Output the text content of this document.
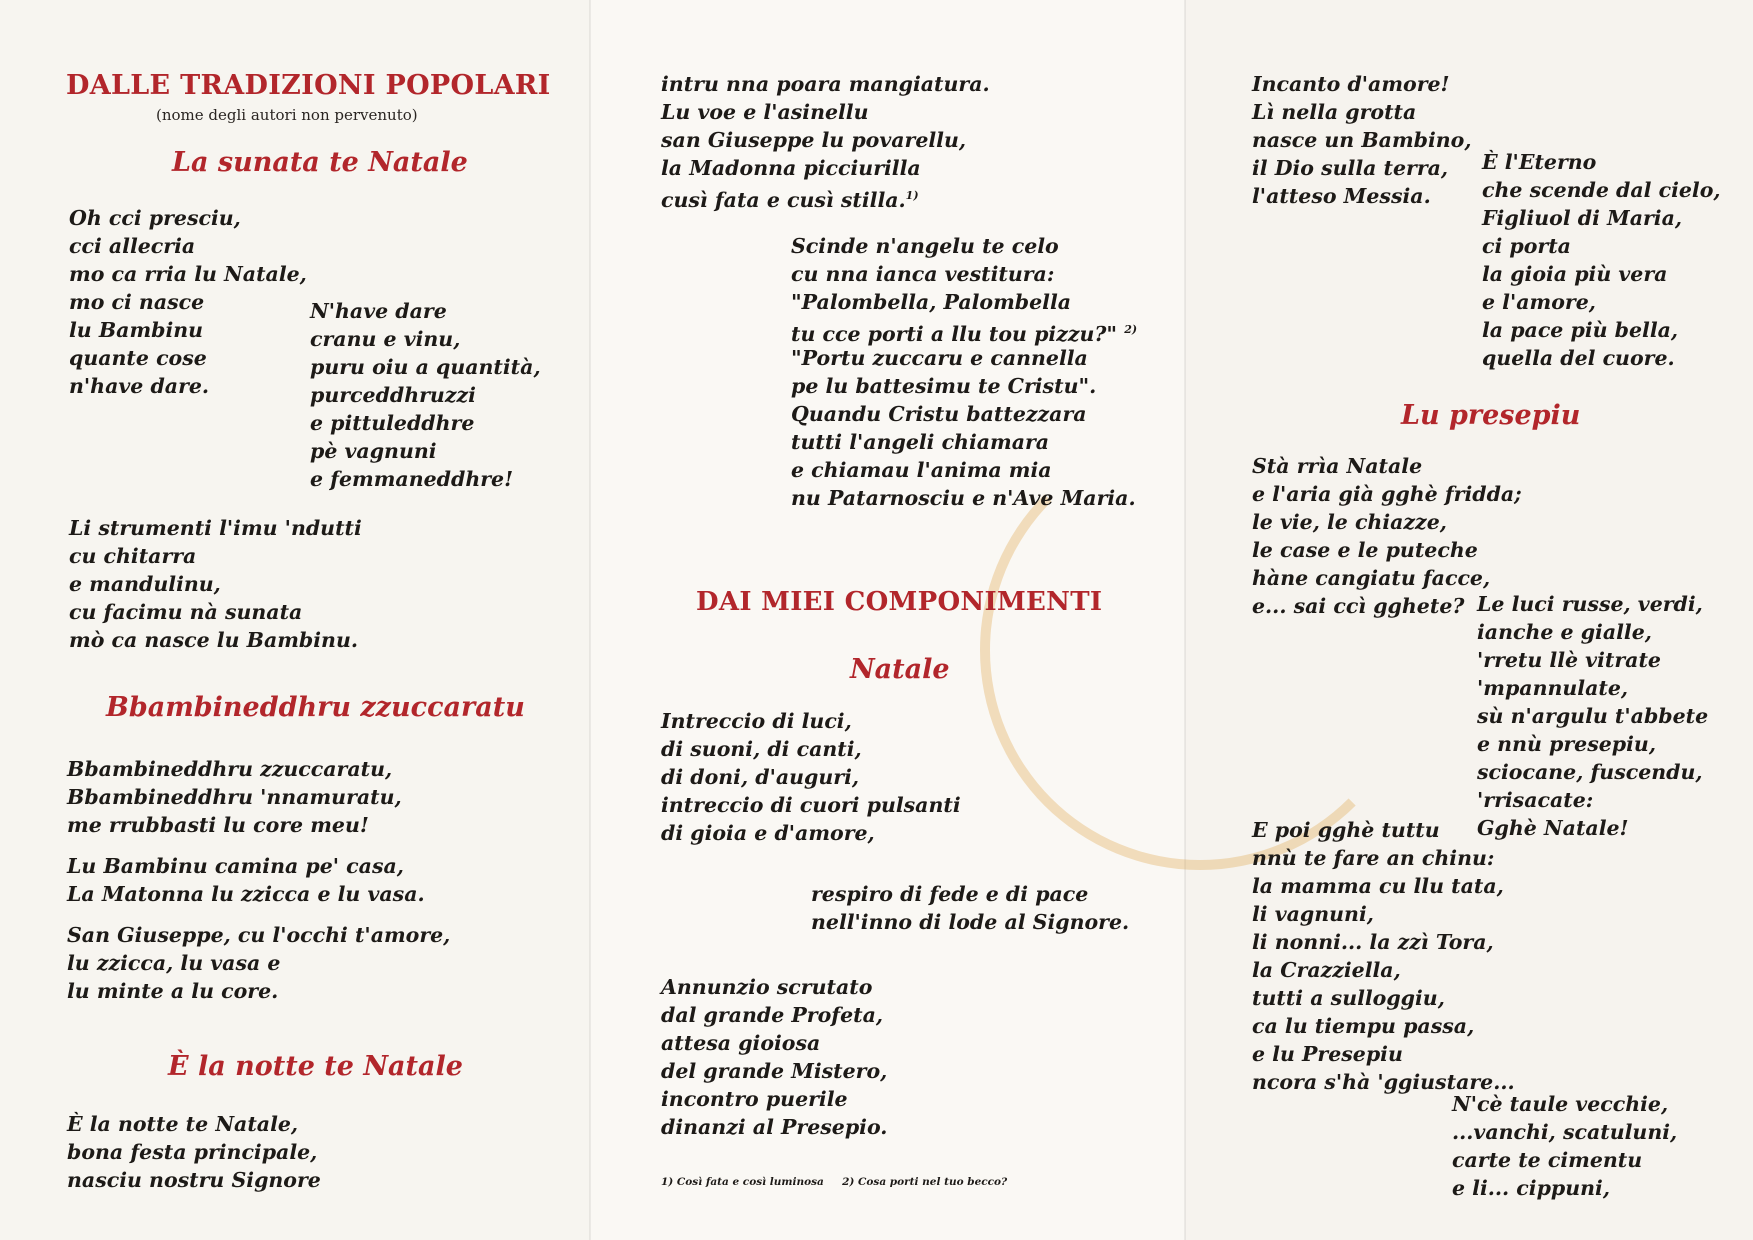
DALLE TRADIZIONI POPOLARI
(nome degli autori non pervenuto)
La sunata te Natale
Oh cci presciu,
cci allecria
mo ca rria lu Natale,
mo ci nasce
lu Bambinu
quante cose
n'have dare.
N'have dare
cranu e vinu,
puru oiu a quantità,
purceddhruzzi
e pittuleddhre
pè vagnuni
e femmaneddhre!
Li strumenti l'imu 'ndutti
cu chitarra
e mandulinu,
cu facimu nà sunata
mò ca nasce lu Bambinu.
Bbambineddhru zzuccaratu
Bbambineddhru zzuccaratu,
Bbambineddhru 'nnamuratu,
me rrubbasti lu core meu!
Lu Bambinu camina pe' casa,
La Matonna lu zzicca e lu vasa.
San Giuseppe, cu l'occhi t'amore,
lu zzicca, lu vasa e
lu minte a lu core.
È la notte te Natale
È la notte te Natale,
bona festa principale,
nasciu nostru Signore
intru nna poara mangiatura.
Lu voe e l'asinellu
san Giuseppe lu povarellu,
la Madonna picciurilla
cusì fata e cusì stilla.$^{1)}$
Scinde n'angelu te celo
cu nna ianca vestitura:
"Palombella, Palombella
tu cce porti a llu tou pizzu?" $^{2)}$
"Portu zuccaru e cannella
pe lu battesimu te Cristu".
Quandu Cristu battezzara
tutti l'angeli chiamara
e chiamau l'anima mia
nu Patarnosciu e n'Ave Maria.
DAI MIEI COMPONIMENTI
Natale
Intreccio di luci,
di suoni, di canti,
di doni, d'auguri,
intreccio di cuori pulsanti
di gioia e d'amore,
respiro di fede e di pace
nell'inno di lode al Signore.
Annunzio scrutato
dal grande Profeta,
attesa gioiosa
del grande Mistero,
incontro puerile
dinanzi al Presepio.
1) Così fata e così luminosa     2) Cosa porti nel tuo becco?
Incanto d'amore!
Lì nella grotta
nasce un Bambino,
il Dio sulla terra,
l'atteso Messia.
È l'Eterno
che scende dal cielo,
Figliuol di Maria,
ci porta
la gioia più vera
e l'amore,
la pace più bella,
quella del cuore.
Lu presepiu
Stà rrìa Natale
e l'aria già gghè fridda;
le vie, le chiazze,
le case e le puteche
hàne cangiatu facce,
e... sai ccì gghete? Le luci russe, verdi,
ianche e gialle,
'rretu llè vitrate
'mpannulate,
sù n'argulu t'abbete
e nnù presepiu,
sciocane, fuscendu,
'rrisacate:
Gghè Natale!
E poi gghè tuttu
nnù te fare an chinu:
la mamma cu llu tata,
li vagnuni,
li nonni... la zzì Tora,
la Crazziella,
tutti a sulloggiu,
ca lu tiempu passa,
e lu Presepiu
ncora s'hà 'ggiustare...
N'cè taule vecchie,
...vanchi, scatuluni,
carte te cimentu
e li... cippuni,
